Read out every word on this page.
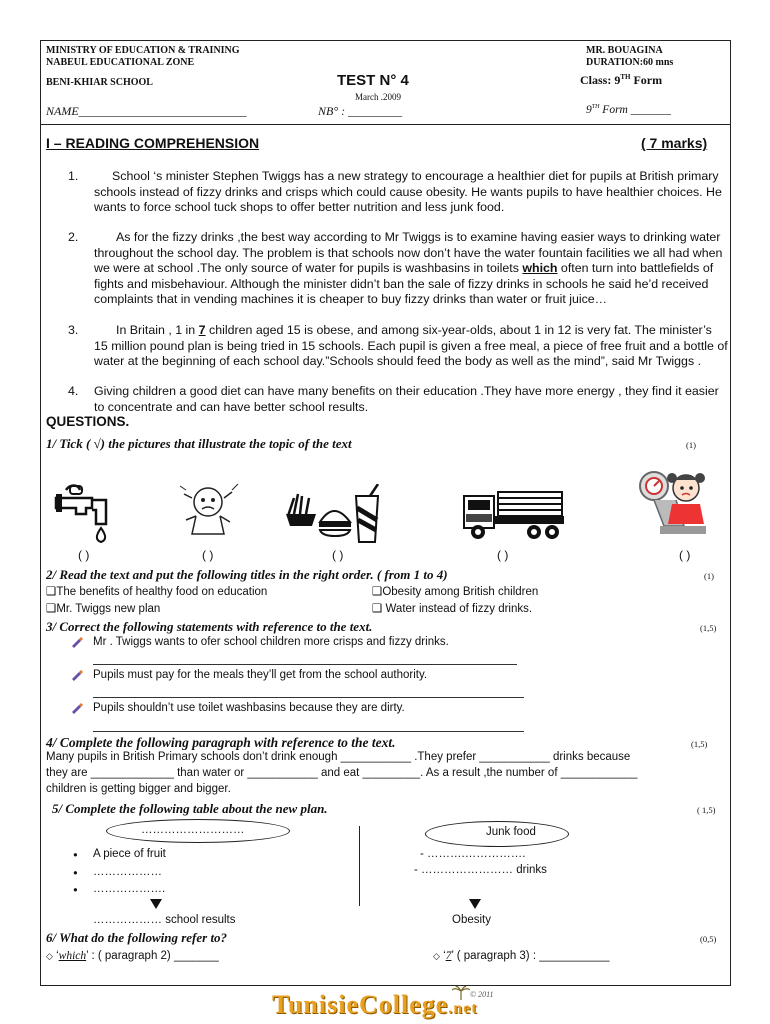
MINISTRY OF EDUCATION & TRAINING
NABEUL EDUCATIONAL ZONE
BENI-KHIAR SCHOOL	TEST N° 4
March .2009
MR. BOUAGINA
DURATION:60 mns
Class: 9TH Form
NAME____________________________	NB° : _________	9TH Form _______
I – READING COMPREHENSION	( 7 marks)
1.	School ‘s minister Stephen Twiggs has a new strategy to encourage a healthier diet for pupils at British primary schools instead of fizzy drinks and crisps which could cause obesity. He wants pupils to have healthier choices. He wants to force school tuck shops to offer better nutrition and less junk food.
2.	As for the fizzy drinks ,the best way according to Mr Twiggs is to examine having easier ways to drinking water throughout the school day. The problem is that schools now don’t have the water fountain facilities we all had when we were at school .The only source of water for pupils is washbasins in toilets which often turn into battlefields of fights and misbehaviour. Although the minister didn’t ban the sale of fizzy drinks in schools he said he’d received complaints that in vending machines it is cheaper to buy fizzy drinks than water or fruit juice…
3.	In Britain , 1 in 7 children aged 15 is obese, and among six-year-olds, about 1 in 12 is very fat. The minister’s 15 million pound plan is being tried in 15 schools. Each pupil is given a free meal, a piece of free fruit and a bottle of water at the beginning of each school day.”Schools should feed the body as well as the mind”, said Mr Twiggs .
4. Giving children a good diet can have many benefits on their education .They have more energy , they find it easier to concentrate and can have better school results.
QUESTIONS.
1/ Tick ( √) the pictures that illustrate the topic of the text	(1)
( )	( )	( )	( )	( )
2/ Read the text and put the following titles in the right order. ( from 1 to 4)	(1)
❑The benefits of healthy food on education	❑Obesity among British children
❑Mr. Twiggs new plan	❑ Water instead of fizzy drinks.
3/ Correct the following statements with reference to the text.	(1,5)
Mr . Twiggs wants to ofer school children more crisps and fizzy drinks.
Pupils must pay for the meals they’ll get from the school authority.
Pupils shouldn’t use toilet washbasins because they are dirty.
4/ Complete the following paragraph with reference to the text.	(1,5)
Many pupils in British Primary schools don’t drink enough ___________ .They prefer ___________ drinks because
they are _____________ than water or ___________ and eat _________. As a result ,the number of ____________
children is getting bigger and bigger.
5/ Complete the following table about the new plan.	( 1,5)
………………………	Junk food
• A piece of fruit
• ………………
• ……………….
- ……….…………….
- …………………… drinks
……………… school results	Obesity
6/ What do the following refer to?	(0,5)
◇ ‘which’ : ( paragraph 2) _______	◇ ‘7’ ( paragraph 3) : ___________
TunisieCollege.net
© 2011
